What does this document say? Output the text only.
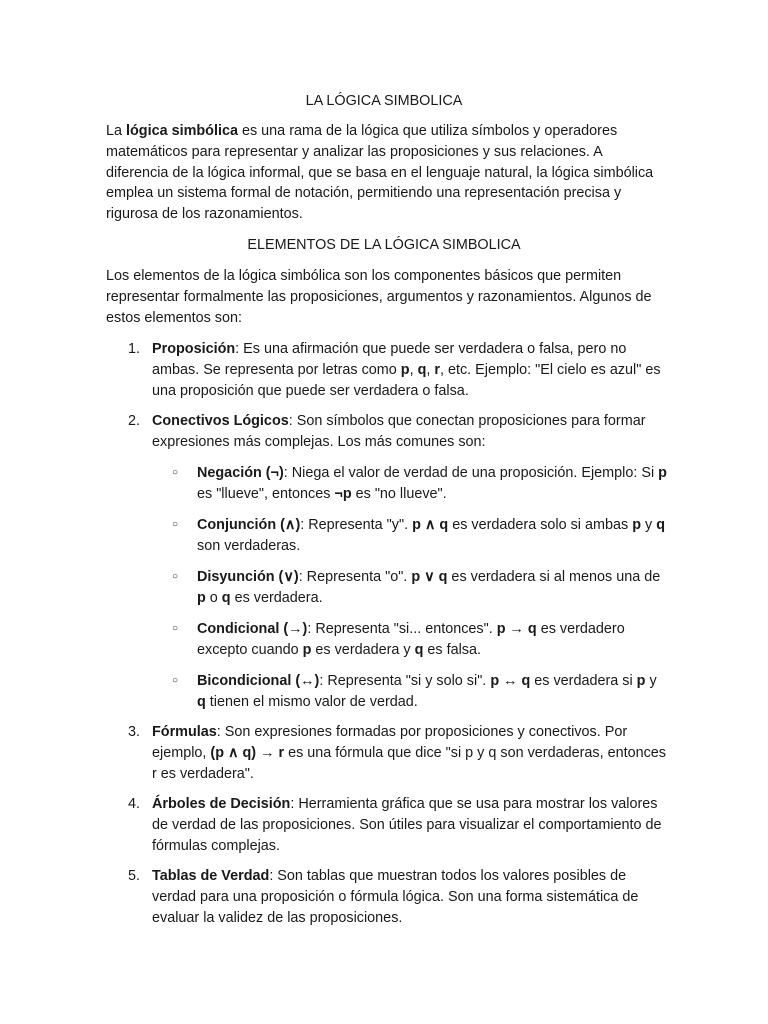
LA LÓGICA SIMBOLICA

La lógica simbólica es una rama de la lógica que utiliza símbolos y operadores matemáticos para representar y analizar las proposiciones y sus relaciones. A diferencia de la lógica informal, que se basa en el lenguaje natural, la lógica simbólica emplea un sistema formal de notación, permitiendo una representación precisa y rigurosa de los razonamientos.

ELEMENTOS DE LA LÓGICA SIMBOLICA

Los elementos de la lógica simbólica son los componentes básicos que permiten representar formalmente las proposiciones, argumentos y razonamientos. Algunos de estos elementos son:

1. Proposición: Es una afirmación que puede ser verdadera o falsa, pero no ambas. Se representa por letras como p, q, r, etc. Ejemplo: "El cielo es azul" es una proposición que puede ser verdadera o falsa.

2. Conectivos Lógicos: Son símbolos que conectan proposiciones para formar expresiones más complejas. Los más comunes son:

○ Negación (¬): Niega el valor de verdad de una proposición. Ejemplo: Si p es "llueve", entonces ¬p es "no llueve".

○ Conjunción (∧): Representa "y". p ∧ q es verdadera solo si ambas p y q son verdaderas.

○ Disyunción (∨): Representa "o". p ∨ q es verdadera si al menos una de p o q es verdadera.

○ Condicional (→): Representa "si... entonces". p → q es verdadero excepto cuando p es verdadera y q es falsa.

○ Bicondicional (↔): Representa "si y solo si". p ↔ q es verdadera si p y q tienen el mismo valor de verdad.

3. Fórmulas: Son expresiones formadas por proposiciones y conectivos. Por ejemplo, (p ∧ q) → r es una fórmula que dice "si p y q son verdaderas, entonces r es verdadera".

4. Árboles de Decisión: Herramienta gráfica que se usa para mostrar los valores de verdad de las proposiciones. Son útiles para visualizar el comportamiento de fórmulas complejas.

5. Tablas de Verdad: Son tablas que muestran todos los valores posibles de verdad para una proposición o fórmula lógica. Son una forma sistemática de evaluar la validez de las proposiciones.
